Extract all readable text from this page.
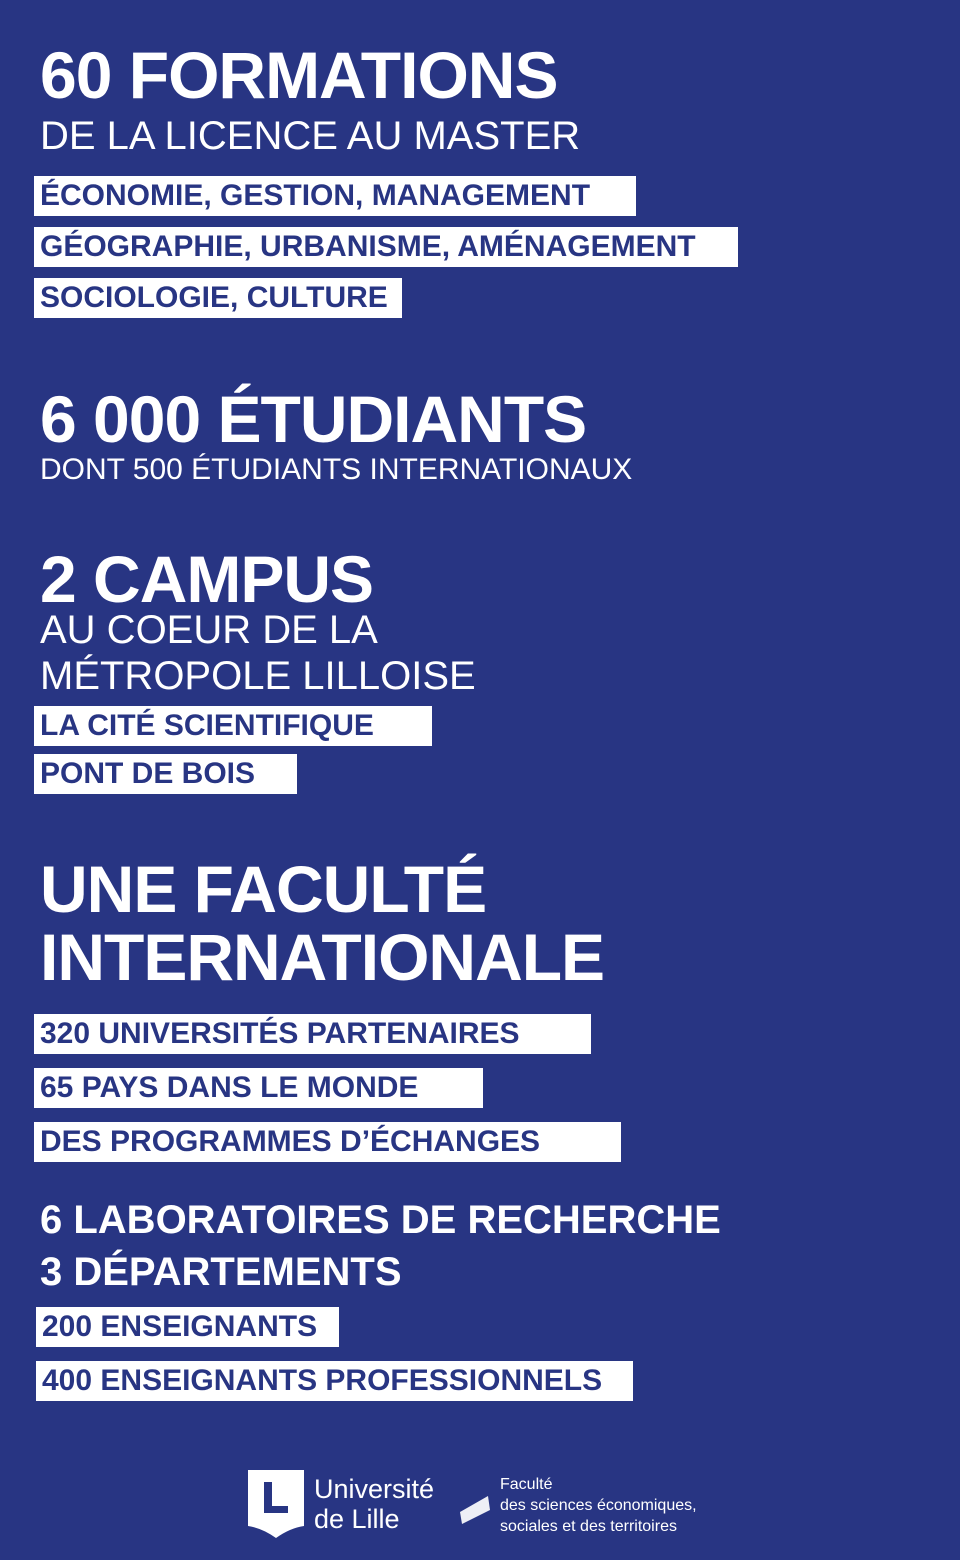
60 FORMATIONS
DE LA LICENCE AU MASTER
ÉCONOMIE, GESTION, MANAGEMENT
GÉOGRAPHIE, URBANISME, AMÉNAGEMENT
SOCIOLOGIE, CULTURE
6 000 ÉTUDIANTS
DONT 500 ÉTUDIANTS INTERNATIONAUX
2 CAMPUS
AU COEUR DE LA
MÉTROPOLE LILLOISE
LA CITÉ SCIENTIFIQUE
PONT DE BOIS
UNE FACULTÉ
INTERNATIONALE
320 UNIVERSITÉS PARTENAIRES
65 PAYS DANS LE MONDE
DES PROGRAMMES D’ÉCHANGES
6 LABORATOIRES DE RECHERCHE
3 DÉPARTEMENTS
200 ENSEIGNANTS
400 ENSEIGNANTS PROFESSIONNELS
Université
de Lille
Faculté
des sciences économiques,
sociales et des territoires
